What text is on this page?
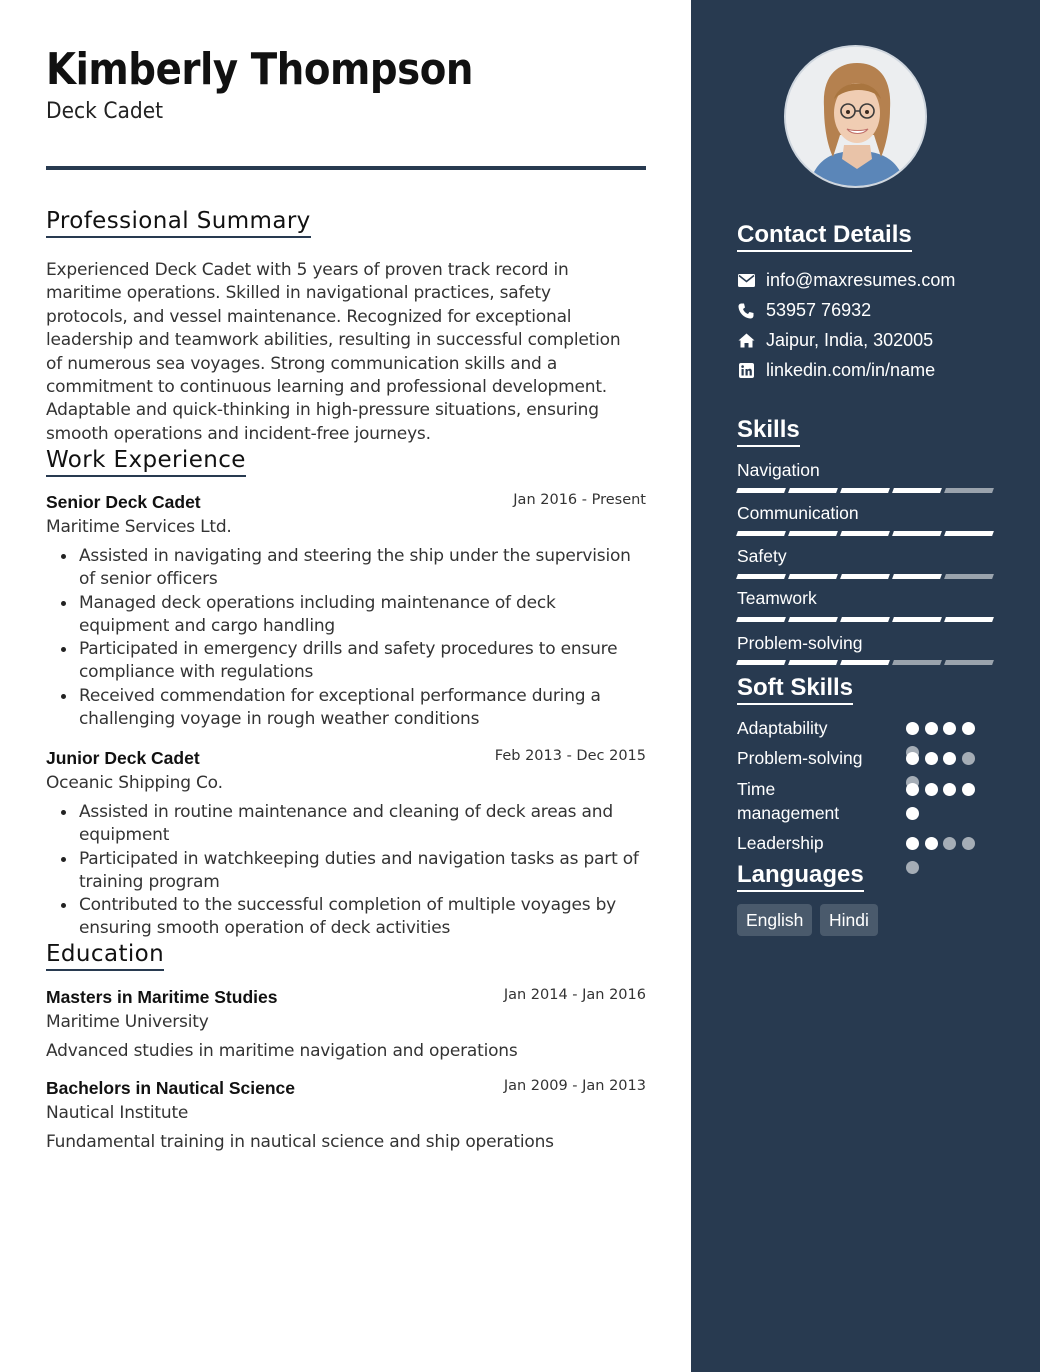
Kimberly Thompson
Deck Cadet
Professional Summary
Experienced Deck Cadet with 5 years of proven track record in maritime operations. Skilled in navigational practices, safety protocols, and vessel maintenance. Recognized for exceptional leadership and teamwork abilities, resulting in successful completion of numerous sea voyages. Strong communication skills and a commitment to continuous learning and professional development. Adaptable and quick-thinking in high-pressure situations, ensuring smooth operations and incident-free journeys.
Work Experience
Senior Deck Cadet	Jan 2016 - Present
Maritime Services Ltd.
Assisted in navigating and steering the ship under the supervision of senior officers
Managed deck operations including maintenance of deck equipment and cargo handling
Participated in emergency drills and safety procedures to ensure compliance with regulations
Received commendation for exceptional performance during a challenging voyage in rough weather conditions
Junior Deck Cadet	Feb 2013 - Dec 2015
Oceanic Shipping Co.
Assisted in routine maintenance and cleaning of deck areas and equipment
Participated in watchkeeping duties and navigation tasks as part of training program
Contributed to the successful completion of multiple voyages by ensuring smooth operation of deck activities
Education
Masters in Maritime Studies	Jan 2014 - Jan 2016
Maritime University
Advanced studies in maritime navigation and operations
Bachelors in Nautical Science	Jan 2009 - Jan 2013
Nautical Institute
Fundamental training in nautical science and ship operations
Contact Details
info@maxresumes.com
53957 76932
Jaipur, India, 302005
linkedin.com/in/name
Skills
Navigation
Communication
Safety
Teamwork
Problem-solving
Soft Skills
Adaptability
Problem-solving
Time management
Leadership
Languages
English	Hindi
